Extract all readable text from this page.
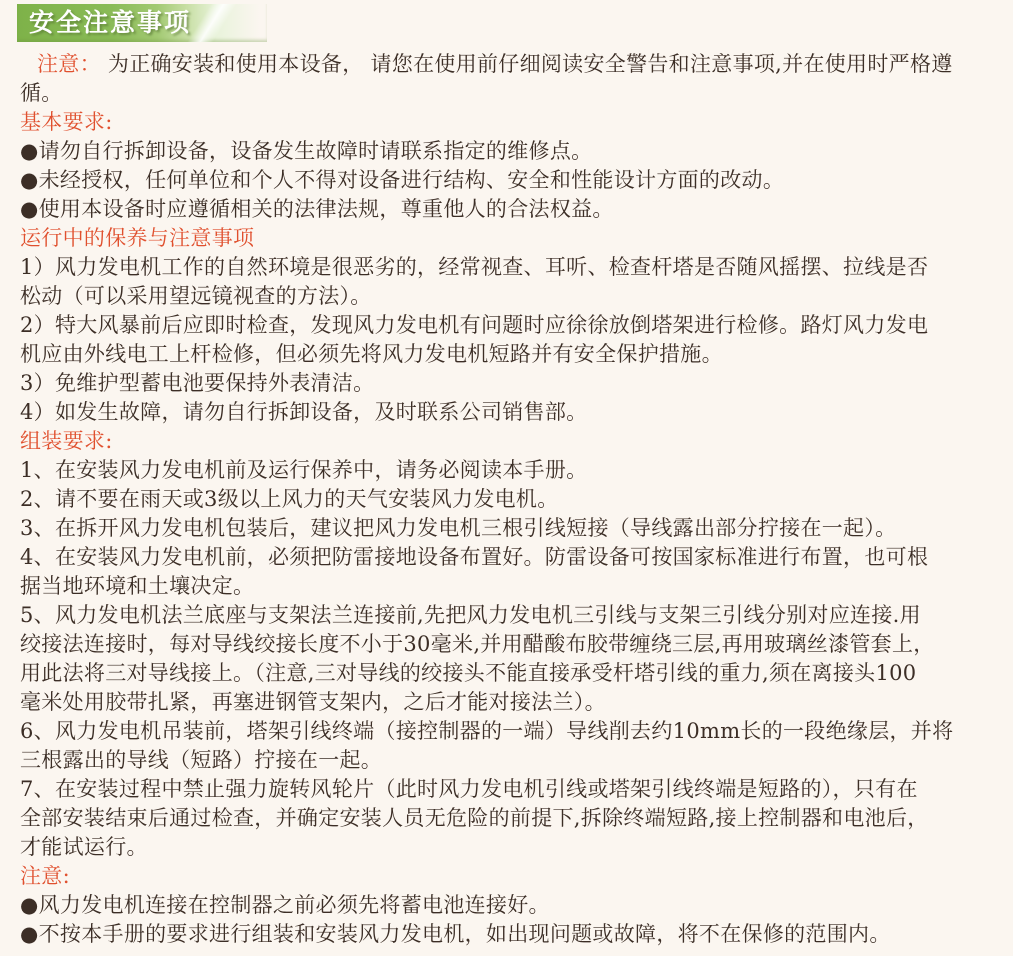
安全注意事项
注意： 为正确安装和使用本设备， 请您在使用前仔细阅读安全警告和注意事项,并在使用时严格遵
循。
基本要求:
●请勿自行拆卸设备，设备发生故障时请联系指定的维修点。
●未经授权，任何单位和个人不得对设备进行结构、安全和性能设计方面的改动。
●使用本设备时应遵循相关的法律法规，尊重他人的合法权益。
运行中的保养与注意事项
1）风力发电机工作的自然环境是很恶劣的，经常视查、耳听、检查杆塔是否随风摇摆、拉线是否
松动（可以采用望远镜视查的方法）。
2）特大风暴前后应即时检查，发现风力发电机有问题时应徐徐放倒塔架进行检修。路灯风力发电
机应由外线电工上杆检修，但必须先将风力发电机短路并有安全保护措施。
3）免维护型蓄电池要保持外表清洁。
4）如发生故障，请勿自行拆卸设备，及时联系公司销售部。
组装要求:
1、在安装风力发电机前及运行保养中，请务必阅读本手册。
2、请不要在雨天或3级以上风力的天气安装风力发电机。
3、在拆开风力发电机包装后，建议把风力发电机三根引线短接（导线露出部分拧接在一起）。
4、在安装风力发电机前，必须把防雷接地设备布置好。防雷设备可按国家标准进行布置，也可根
据当地环境和土壤决定。
5、风力发电机法兰底座与支架法兰连接前,先把风力发电机三引线与支架三引线分别对应连接.用
绞接法连接时，每对导线绞接长度不小于30毫米,并用醋酸布胶带缠绕三层,再用玻璃丝漆管套上，
用此法将三对导线接上。（注意,三对导线的绞接头不能直接承受杆塔引线的重力,须在离接头100
毫米处用胶带扎紧，再塞进钢管支架内，之后才能对接法兰）。
6、风力发电机吊装前，塔架引线终端（接控制器的一端）导线削去约10mm长的一段绝缘层，并将
三根露出的导线（短路）拧接在一起。
7、在安装过程中禁止强力旋转风轮片（此时风力发电机引线或塔架引线终端是短路的），只有在
全部安装结束后通过检查，并确定安装人员无危险的前提下,拆除终端短路,接上控制器和电池后，
才能试运行。
注意:
●风力发电机连接在控制器之前必须先将蓄电池连接好。
●不按本手册的要求进行组装和安装风力发电机，如出现问题或故障，将不在保修的范围内。
